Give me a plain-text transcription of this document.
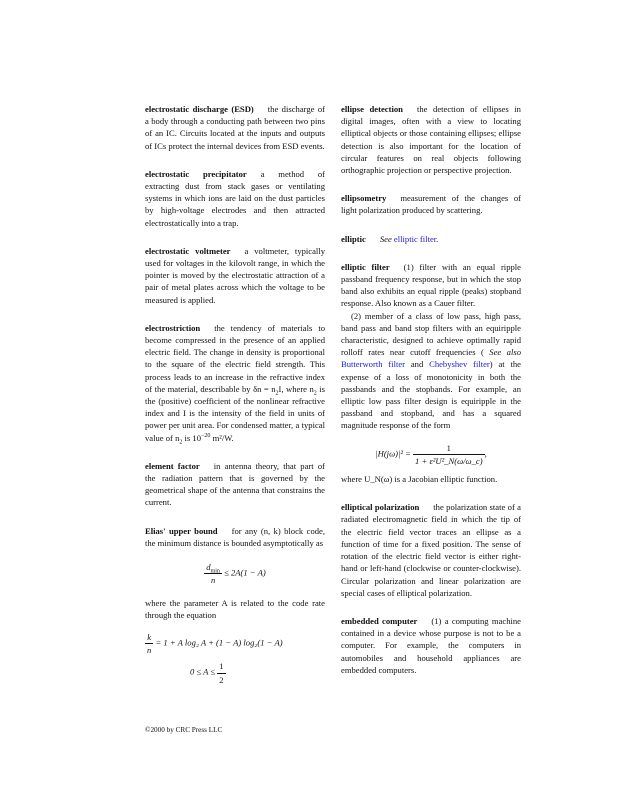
electrostatic discharge (ESD) the discharge of a body through a conducting path between two pins of an IC. Circuits located at the inputs and outputs of ICs protect the internal devices from ESD events.

electrostatic precipitator a method of extracting dust from stack gases or ventilating systems in which ions are laid on the dust particles by high-voltage electrodes and then attracted electrostatically into a trap.

electrostatic voltmeter a voltmeter, typically used for voltages in the kilovolt range, in which the pointer is moved by the electrostatic attraction of a pair of metal plates across which the voltage to be measured is applied.

electrostriction the tendency of materials to become compressed in the presence of an applied electric field. The change in density is proportional to the square of the electric field strength. This process leads to an increase in the refractive index of the material, describable by $\delta n = n_2I$, where $n_2$ is the (positive) coefficient of the nonlinear refractive index and I is the intensity of the field in units of power per unit area. For condensed matter, a typical value of $n_2$ is $10^{-20}$ m²/W.

element factor in antenna theory, that part of the radiation pattern that is governed by the geometrical shape of the antenna that constrains the current.

Elias' upper bound for any (n, k) block code, the minimum distance is bounded asymptotically as

$\frac{d_{min}}{n} \le 2A(1 - A)$

where the parameter A is related to the code rate through the equation

$\frac{k}{n} = 1 + A$ log₂ A + (1 − A) log₂(1 − A)
$0 \le A \le \frac{1}{2}$

ellipse detection the detection of ellipses in digital images, often with a view to locating elliptical objects or those containing ellipses; ellipse detection is also important for the location of circular features on real objects following orthographic projection or perspective projection.

ellipsometry measurement of the changes of light polarization produced by scattering.

elliptic See elliptic filter.

elliptic filter (1) filter with an equal ripple passband frequency response, but in which the stop band also exhibits an equal ripple (peaks) stopband response. Also known as a Cauer filter.

(2) member of a class of low pass, high pass, band pass and band stop filters with an equiripple characteristic, designed to achieve optimally rapid rolloff rates near cutoff frequencies ( See also Butterworth filter and Chebyshev filter) at the expense of a loss of monotonicity in both the passbands and the stopbands. For example, an elliptic low pass filter design is equiripple in the passband and stopband, and has a squared magnitude response of the form

$|H(j\omega)|^2 = \frac{1}{\text{1 + ε²U²\_N(ω/ω\_c)}}$ ,

where U_N(ω) is a Jacobian elliptic function.

elliptical polarization the polarization state of a radiated electromagnetic field in which the tip of the electric field vector traces an ellipse as a function of time for a fixed position. The sense of rotation of the electric field vector is either right-hand or left-hand (clockwise or counter-clockwise). Circular polarization and linear polarization are special cases of elliptical polarization.

embedded computer (1) a computing machine contained in a device whose purpose is not to be a computer. For example, the computers in automobiles and household appliances are embedded computers.

©2000 by CRC Press LLC
